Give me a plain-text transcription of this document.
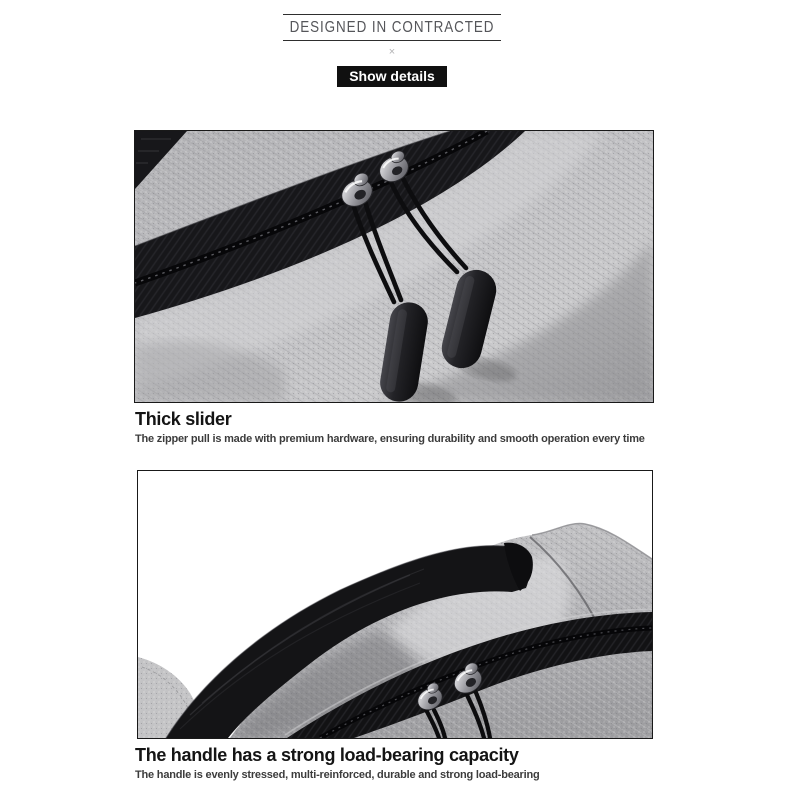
DESIGNED IN CONTRACTED
×
Show details
Thick slider

The zipper pull is made with premium hardware, ensuring durability and smooth operation every time

The handle has a strong load-bearing capacity

The handle is evenly stressed, multi-reinforced, durable and strong load-bearing
